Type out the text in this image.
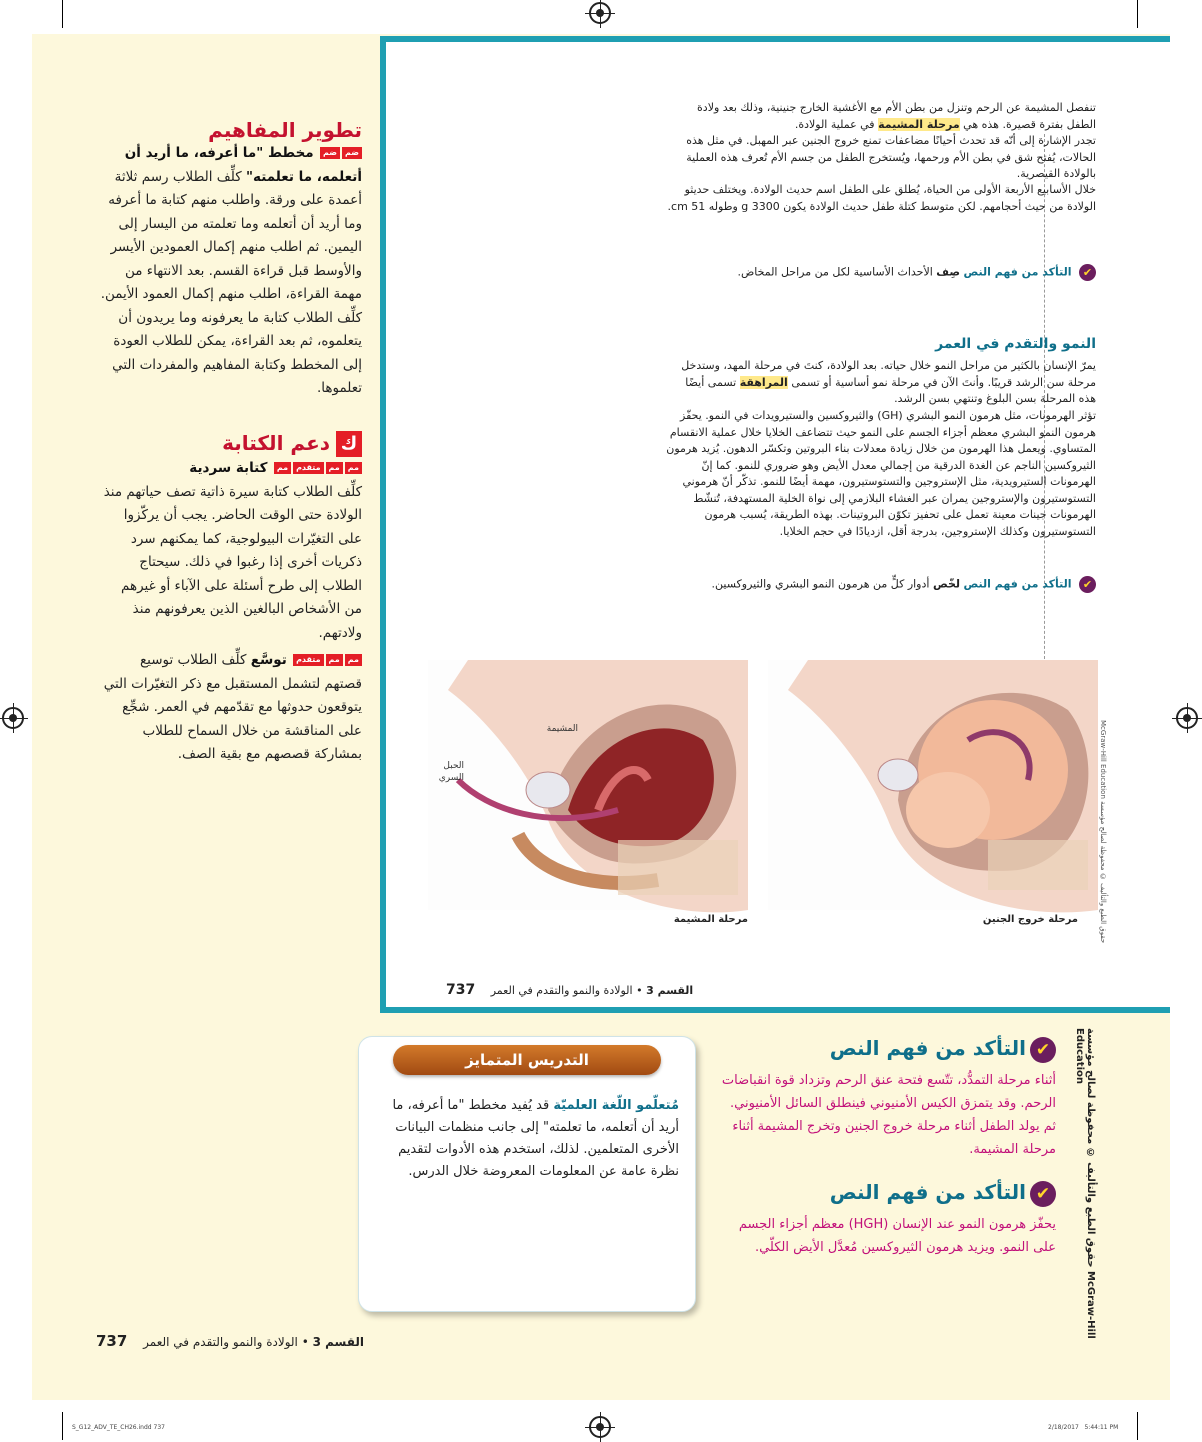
تنفصل المشيمة عن الرحم وتنزل من بطن الأم مع الأغشية الخارج جنينية، وذلك بعد ولادة الطفل بفترة قصيرة. هذه هي مرحلة المشيمة في عملية الولادة.
تجدر الإشارة إلى أنّه قد تحدث أحيانًا مضاعفات تمنع خروج الجنين عبر المهبل. في مثل هذه الحالات، يُفتح شق في بطن الأم ورحمها، ويُستخرج الطفل من جسم الأم تُعرف هذه العملية بالولادة القيصرية.
خلال الأسابيع الأربعة الأولى من الحياة، يُطلق على الطفل اسم حديث الولادة. ويختلف حديثو الولادة من حيث أحجامهم. لكن متوسط كتلة طفل حديث الولادة يكون 3300 g وطوله 51 cm.
✔ التأكد من فهم النص صِف الأحداث الأساسية لكل من مراحل المخاض.
النمو والتقدم في العمر
يمرّ الإنسان بالكثير من مراحل النمو خلال حياته. بعد الولادة، كنتَ في مرحلة المهد، وستدخل مرحلة سن الرشد قريبًا. وأنتَ الآن في مرحلة نمو أساسية أو تسمى المراهقة تسمى أيضًا هذه المرحلة بسن البلوغ وتنتهي بسن الرشد.
تؤثر الهرمونات، مثل هرمون النمو البشري (GH) والثيروكسين والستيرويدات في النمو. يحفّز هرمون النمو البشري معظم أجزاء الجسم على النمو حيث تتضاعف الخلايا خلال عملية الانقسام المتساوي. ويعمل هذا الهرمون من خلال زيادة معدلات بناء البروتين وتكسّر الدهون. يُزيد هرمون الثيروكسين الناجم عن الغدة الدرقية من إجمالي معدل الأيض وهو ضروري للنمو. كما إنّ الهرمونات الستيرويدية، مثل الإستروجين والتستوستيرون، مهمة أيضًا للنمو. تذكّر أنّ هرموني التستوستيرون والإستروجين يمران عبر الغشاء البلازمي إلى نواة الخلية المستهدفة، تُنشّط الهرمونات جينات معينة تعمل على تحفيز تكوّن البروتينات. بهذه الطريقة، يُسبب هرمون التستوستيرون وكذلك الإستروجين، بدرجة أقل، ازديادًا في حجم الخلايا.
✔ التأكد من فهم النص لخّص أدوار كلٍّ من هرمون النمو البشري والثيروكسين.
القسم 3 • الولادة والنمو والتقدم في العمر 737
المشيمة
الحبل السري
مرحلة المشيمة	مرحلة خروج الجنين
McGraw-Hill Education حقوق الطبع والتأليف © محفوظة لصالح مؤسسة
تطوير المفاهيم
ضمضم مخطط "ما أعرفه، ما أريد أن أتعلمه، ما تعلمته" كلِّف الطلاب رسم ثلاثة أعمدة على ورقة. واطلب منهم كتابة ما أعرفه وما أريد أن أتعلمه وما تعلمته من اليسار إلى اليمين. ثم اطلب منهم إكمال العمودين الأيسر والأوسط قبل قراءة القسم. بعد الانتهاء من مهمة القراءة، اطلب منهم إكمال العمود الأيمن. كلِّف الطلاب كتابة ما يعرفونه وما يريدون أن يتعلموه، ثم بعد القراءة، يمكن للطلاب العودة إلى المخطط وكتابة المفاهيم والمفردات التي تعلموها.
كدعم الكتابة
مممممتقدممم كتابة سردية
كلِّف الطلاب كتابة سيرة ذاتية تصف حياتهم منذ الولادة حتى الوقت الحاضر. يجب أن يركّزوا على التغيّرات البيولوجية، كما يمكنهم سرد ذكريات أخرى إذا رغبوا في ذلك. سيحتاج الطلاب إلى طرح أسئلة على الآباء أو غيرهم من الأشخاص البالغين الذين يعرفونهم منذ ولادتهم.
مممممتقدم توسَّع كلِّف الطلاب توسيع قصتهم لتشمل المستقبل مع ذكر التغيّرات التي يتوقعون حدوثها مع تقدّمهم في العمر. شجِّع على المناقشة من خلال السماح للطلاب بمشاركة قصصهم مع بقية الصف.
التدريس المتمايز
مُتعلّمو اللّغة العلميّة قد يُفيد مخطط "ما أعرفه، ما أريد أن أتعلمه، ما تعلمته" إلى جانب منظمات البيانات الأخرى المتعلمين. لذلك، استخدم هذه الأدوات لتقديم نظرة عامة عن المعلومات المعروضة خلال الدرس.
✔التأكد من فهم النص
أثناء مرحلة التمدُّد، تتّسع فتحة عنق الرحم وتزداد قوة انقباضات الرحم. وقد يتمزق الكيس الأمنيوني فينطلق السائل الأمنيوني. ثم يولد الطفل أثناء مرحلة خروج الجنين وتخرج المشيمة أثناء مرحلة المشيمة.
✔التأكد من فهم النص
يحفّز هرمون النمو عند الإنسان (HGH) معظم أجزاء الجسم على النمو. ويزيد هرمون الثيروكسين مُعدَّل الأيض الكلّي.	حقوق الطبع والتأليف © محفوظة لصالح مؤسسة McGraw-Hill Education
القسم 3 • الولادة والنمو والتقدم في العمر 737
S_G12_ADV_TE_CH26.indd 737	2/18/2017   5:44:11 PM
